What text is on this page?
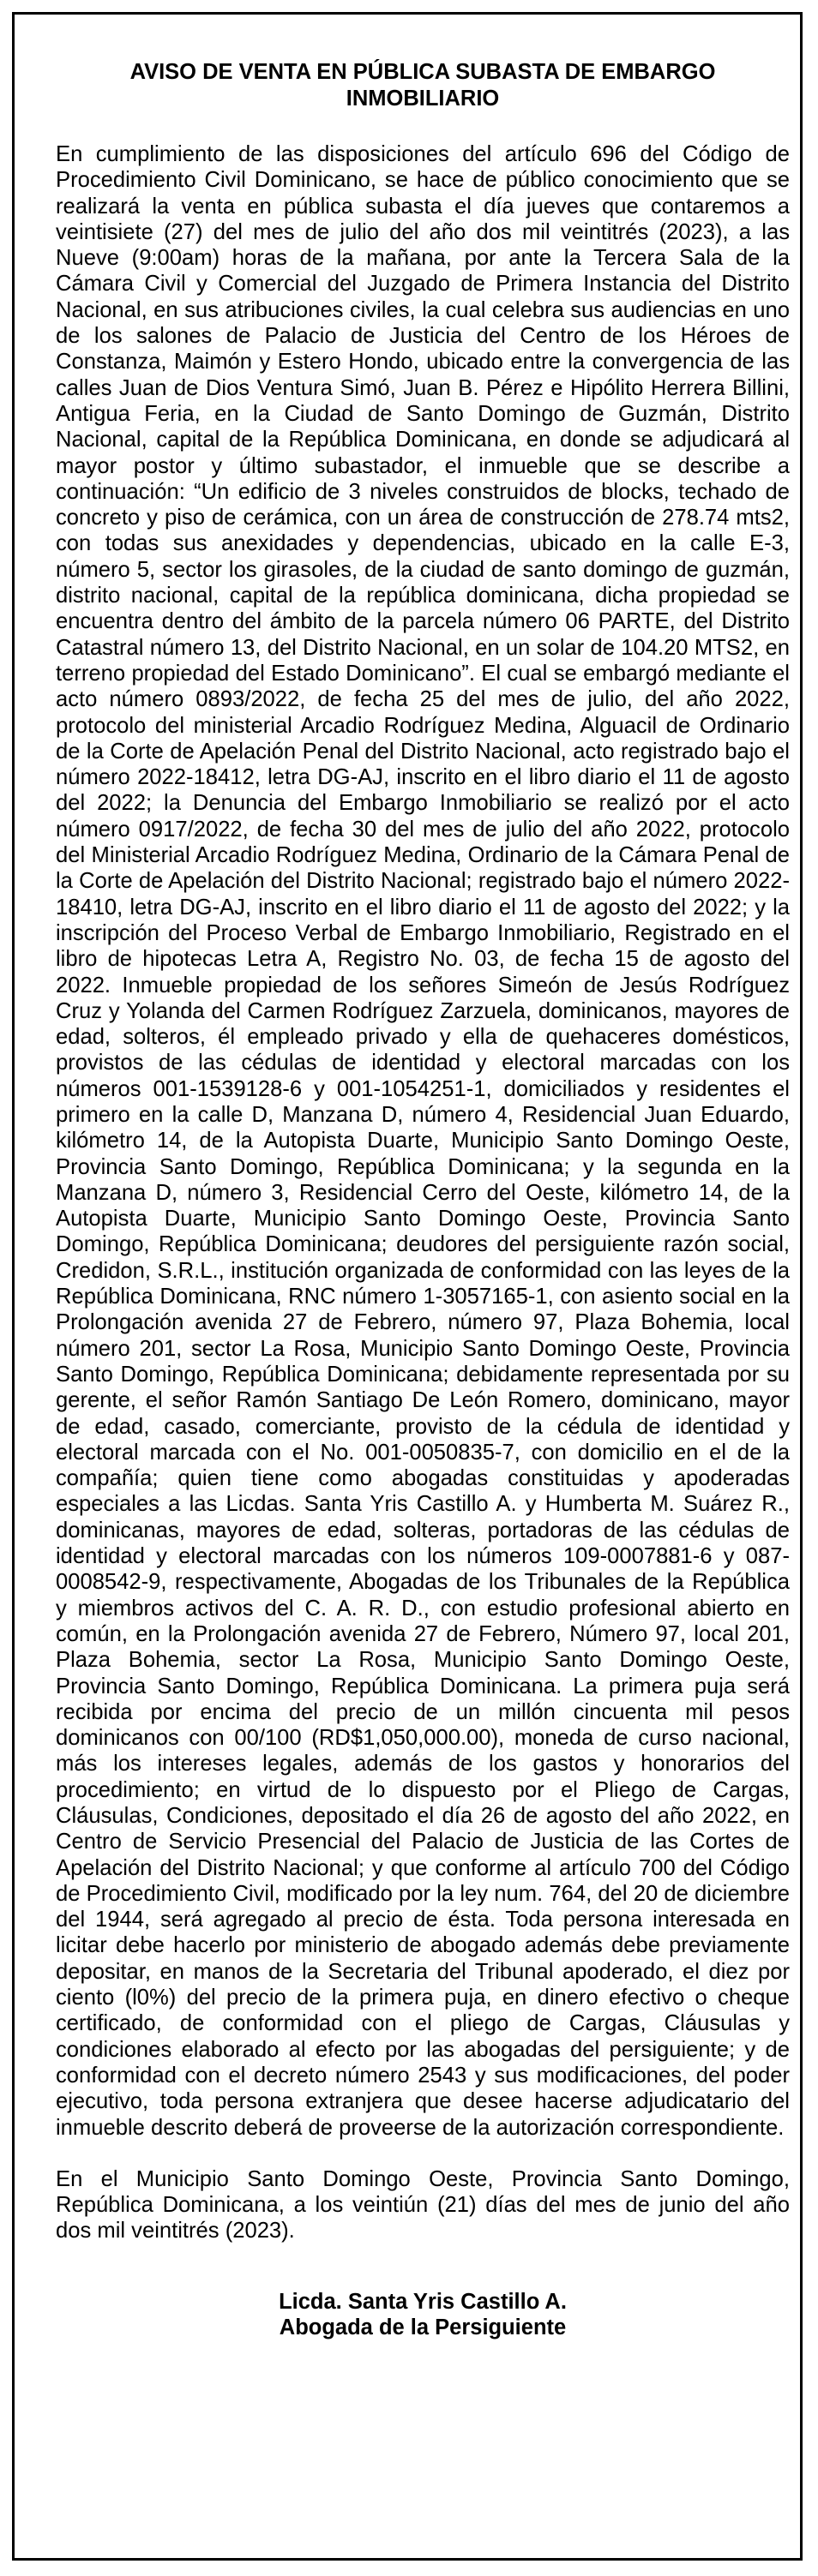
AVISO DE VENTA EN PÚBLICA SUBASTA DE EMBARGO
INMOBILIARIO

En cumplimiento de las disposiciones del artículo 696 del Código de Procedimiento Civil Dominicano, se hace de público conocimiento que se realizará la venta en pública subasta el día jueves que contaremos a veintisiete (27) del mes de julio del año dos mil veintitrés (2023), a las Nueve (9:00am) horas de la mañana, por ante la Tercera Sala de la Cámara Civil y Comercial del Juzgado de Primera Instancia del Distrito Nacional, en sus atribuciones civiles, la cual celebra sus audiencias en uno de los salones de Palacio de Justicia del Centro de los Héroes de Constanza, Maimón y Estero Hondo, ubicado entre la convergencia de las calles Juan de Dios Ventura Simó, Juan B. Pérez e Hipólito Herrera Billini, Antigua Feria, en la Ciudad de Santo Domingo de Guzmán, Distrito Nacional, capital de la República Dominicana, en donde se adjudicará al mayor postor y último subastador, el inmueble que se describe a continuación: “Un edificio de 3 niveles construidos de blocks, techado de concreto y piso de cerámica, con un área de construcción de 278.74 mts2, con todas sus anexidades y dependencias, ubicado en la calle E-3, número 5, sector los girasoles, de la ciudad de santo domingo de guzmán, distrito nacional, capital de la república dominicana, dicha propiedad se encuentra dentro del ámbito de la parcela número 06 PARTE, del Distrito Catastral número 13, del Distrito Nacional, en un solar de 104.20 MTS2, en terreno propiedad del Estado Dominicano”. El cual se embargó mediante el acto número 0893/2022, de fecha 25 del mes de julio, del año 2022, protocolo del ministerial Arcadio Rodríguez Medina, Alguacil de Ordinario de la Corte de Apelación Penal del Distrito Nacional, acto registrado bajo el número 2022-18412, letra DG-AJ, inscrito en el libro diario el 11 de agosto del 2022; la Denuncia del Embargo Inmobiliario se realizó por el acto número 0917/2022, de fecha 30 del mes de julio del año 2022, protocolo del Ministerial Arcadio Rodríguez Medina, Ordinario de la Cámara Penal de la Corte de Apelación del Distrito Nacional; registrado bajo el número 2022-18410, letra DG-AJ, inscrito en el libro diario el 11 de agosto del 2022; y la inscripción del Proceso Verbal de Embargo Inmobiliario, Registrado en el libro de hipotecas Letra A, Registro No. 03, de fecha 15 de agosto del 2022. Inmueble propiedad de los señores Simeón de Jesús Rodríguez Cruz y Yolanda del Carmen Rodríguez Zarzuela, dominicanos, mayores de edad, solteros, él empleado privado y ella de quehaceres domésticos, provistos de las cédulas de identidad y electoral marcadas con los números 001-1539128-6 y 001-1054251-1, domiciliados y residentes el primero en la calle D, Manzana D, número 4, Residencial Juan Eduardo, kilómetro 14, de la Autopista Duarte, Municipio Santo Domingo Oeste, Provincia Santo Domingo, República Dominicana; y la segunda en la Manzana D, número 3, Residencial Cerro del Oeste, kilómetro 14, de la Autopista Duarte, Municipio Santo Domingo Oeste, Provincia Santo Domingo, República Dominicana; deudores del persiguiente razón social, Credidon, S.R.L., institución organizada de conformidad con las leyes de la República Dominicana, RNC número 1-3057165-1, con asiento social en la Prolongación avenida 27 de Febrero, número 97, Plaza Bohemia, local número 201, sector La Rosa, Municipio Santo Domingo Oeste, Provincia Santo Domingo, República Dominicana; debidamente representada por su gerente, el señor Ramón Santiago De León Romero, dominicano, mayor de edad, casado, comerciante, provisto de la cédula de identidad y electoral marcada con el No. 001-0050835-7, con domicilio en el de la compañía; quien tiene como abogadas constituidas y apoderadas especiales a las Licdas. Santa Yris Castillo A. y Humberta M. Suárez R., dominicanas, mayores de edad, solteras, portadoras de las cédulas de identidad y electoral marcadas con los números 109-0007881-6 y 087-0008542-9, respectivamente, Abogadas de los Tribunales de la República y miembros activos del C. A. R. D., con estudio profesional abierto en común, en la Prolongación avenida 27 de Febrero, Número 97, local 201, Plaza Bohemia, sector La Rosa, Municipio Santo Domingo Oeste, Provincia Santo Domingo, República Dominicana. La primera puja será recibida por encima del precio de un millón cincuenta mil pesos dominicanos con 00/100 (RD$1,050,000.00), moneda de curso nacional, más los intereses legales, además de los gastos y honorarios del procedimiento; en virtud de lo dispuesto por el Pliego de Cargas, Cláusulas, Condiciones, depositado el día 26 de agosto del año 2022, en Centro de Servicio Presencial del Palacio de Justicia de las Cortes de Apelación del Distrito Nacional; y que conforme al artículo 700 del Código de Procedimiento Civil, modificado por la ley num. 764, del 20 de diciembre del 1944, será agregado al precio de ésta. Toda persona interesada en licitar debe hacerlo por ministerio de abogado además debe previamente depositar, en manos de la Secretaria del Tribunal apoderado, el diez por ciento (l0%) del precio de la primera puja, en dinero efectivo o cheque certificado, de conformidad con el pliego de Cargas, Cláusulas y condiciones elaborado al efecto por las abogadas del persiguiente; y de conformidad con el decreto número 2543 y sus modificaciones, del poder ejecutivo, toda persona extranjera que desee hacerse adjudicatario del inmueble descrito deberá de proveerse de la autorización correspondiente.

En el Municipio Santo Domingo Oeste, Provincia Santo Domingo, República Dominicana, a los veintiún (21) días del mes de junio del año dos mil veintitrés (2023).

Licda. Santa Yris Castillo A.
Abogada de la Persiguiente
